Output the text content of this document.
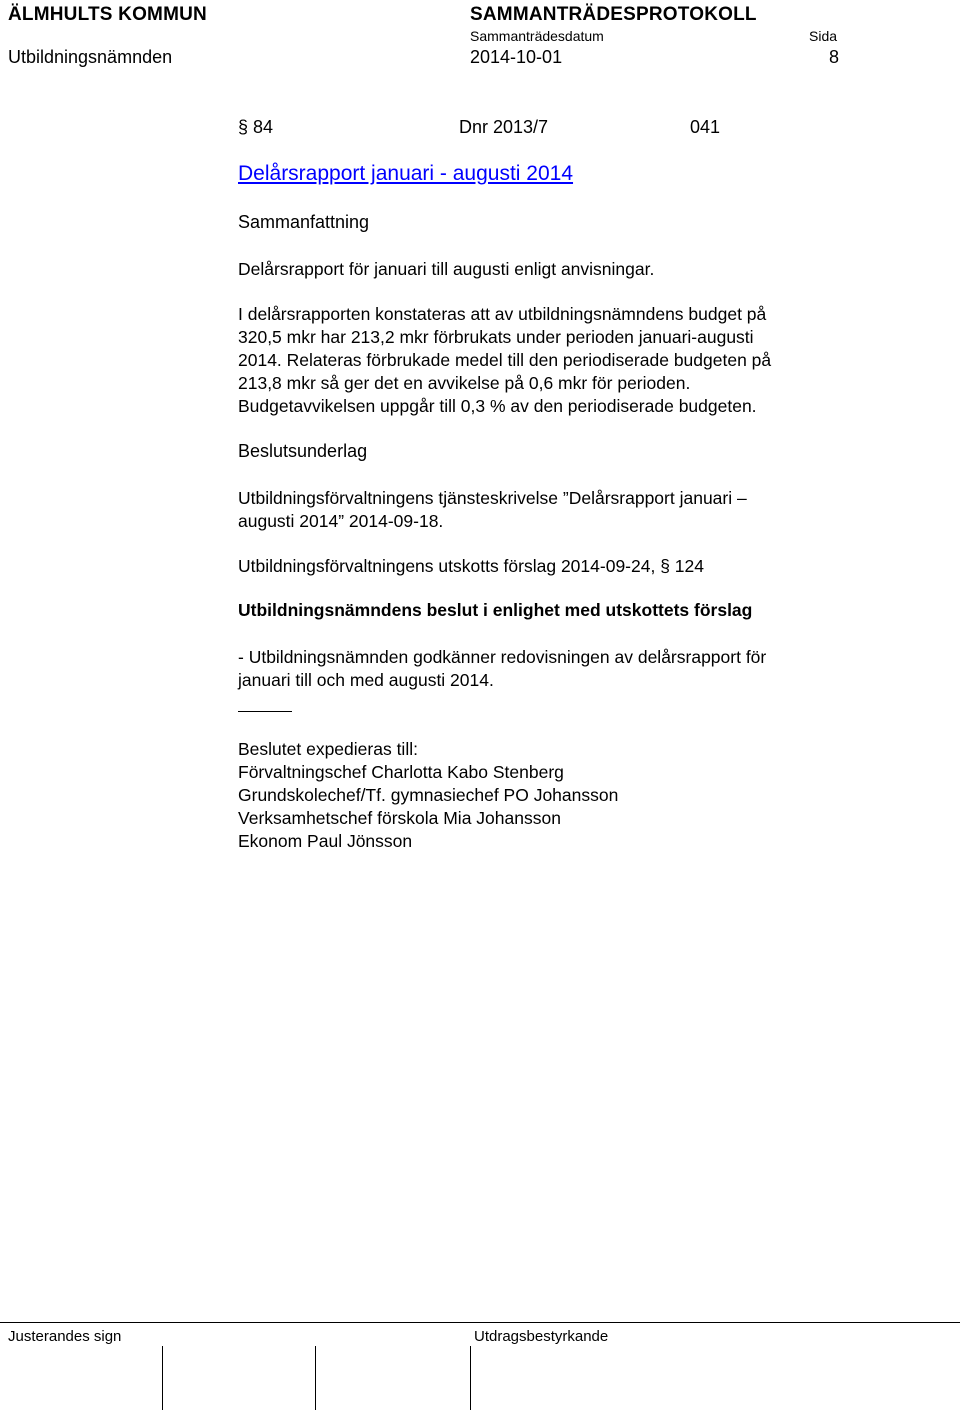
ÄLMHULTS KOMMUN	SAMMANTRÄDESPROTOKOLL
Sammanträdesdatum	Sida
Utbildningsnämnden	2014-10-01	8
§ 84	Dnr 2013/7	041
Delårsrapport januari - augusti 2014
Sammanfattning
Delårsrapport för januari till augusti enligt anvisningar.
I delårsrapporten konstateras att av utbildningsnämndens budget på
320,5 mkr har 213,2 mkr förbrukats under perioden januari-augusti
2014. Relateras förbrukade medel till den periodiserade budgeten på
213,8 mkr så ger det en avvikelse på 0,6 mkr för perioden.
Budgetavvikelsen uppgår till 0,3 % av den periodiserade budgeten.
Beslutsunderlag
Utbildningsförvaltningens tjänsteskrivelse ”Delårsrapport januari –
augusti 2014” 2014-09-18.
Utbildningsförvaltningens utskotts förslag 2014-09-24, § 124
Utbildningsnämndens beslut i enlighet med utskottets förslag
- Utbildningsnämnden godkänner redovisningen av delårsrapport för
januari till och med augusti 2014.
Beslutet expedieras till:
Förvaltningschef Charlotta Kabo Stenberg
Grundskolechef/Tf. gymnasiechef PO Johansson
Verksamhetschef förskola Mia Johansson
Ekonom Paul Jönsson
Justerandes sign	Utdragsbestyrkande
